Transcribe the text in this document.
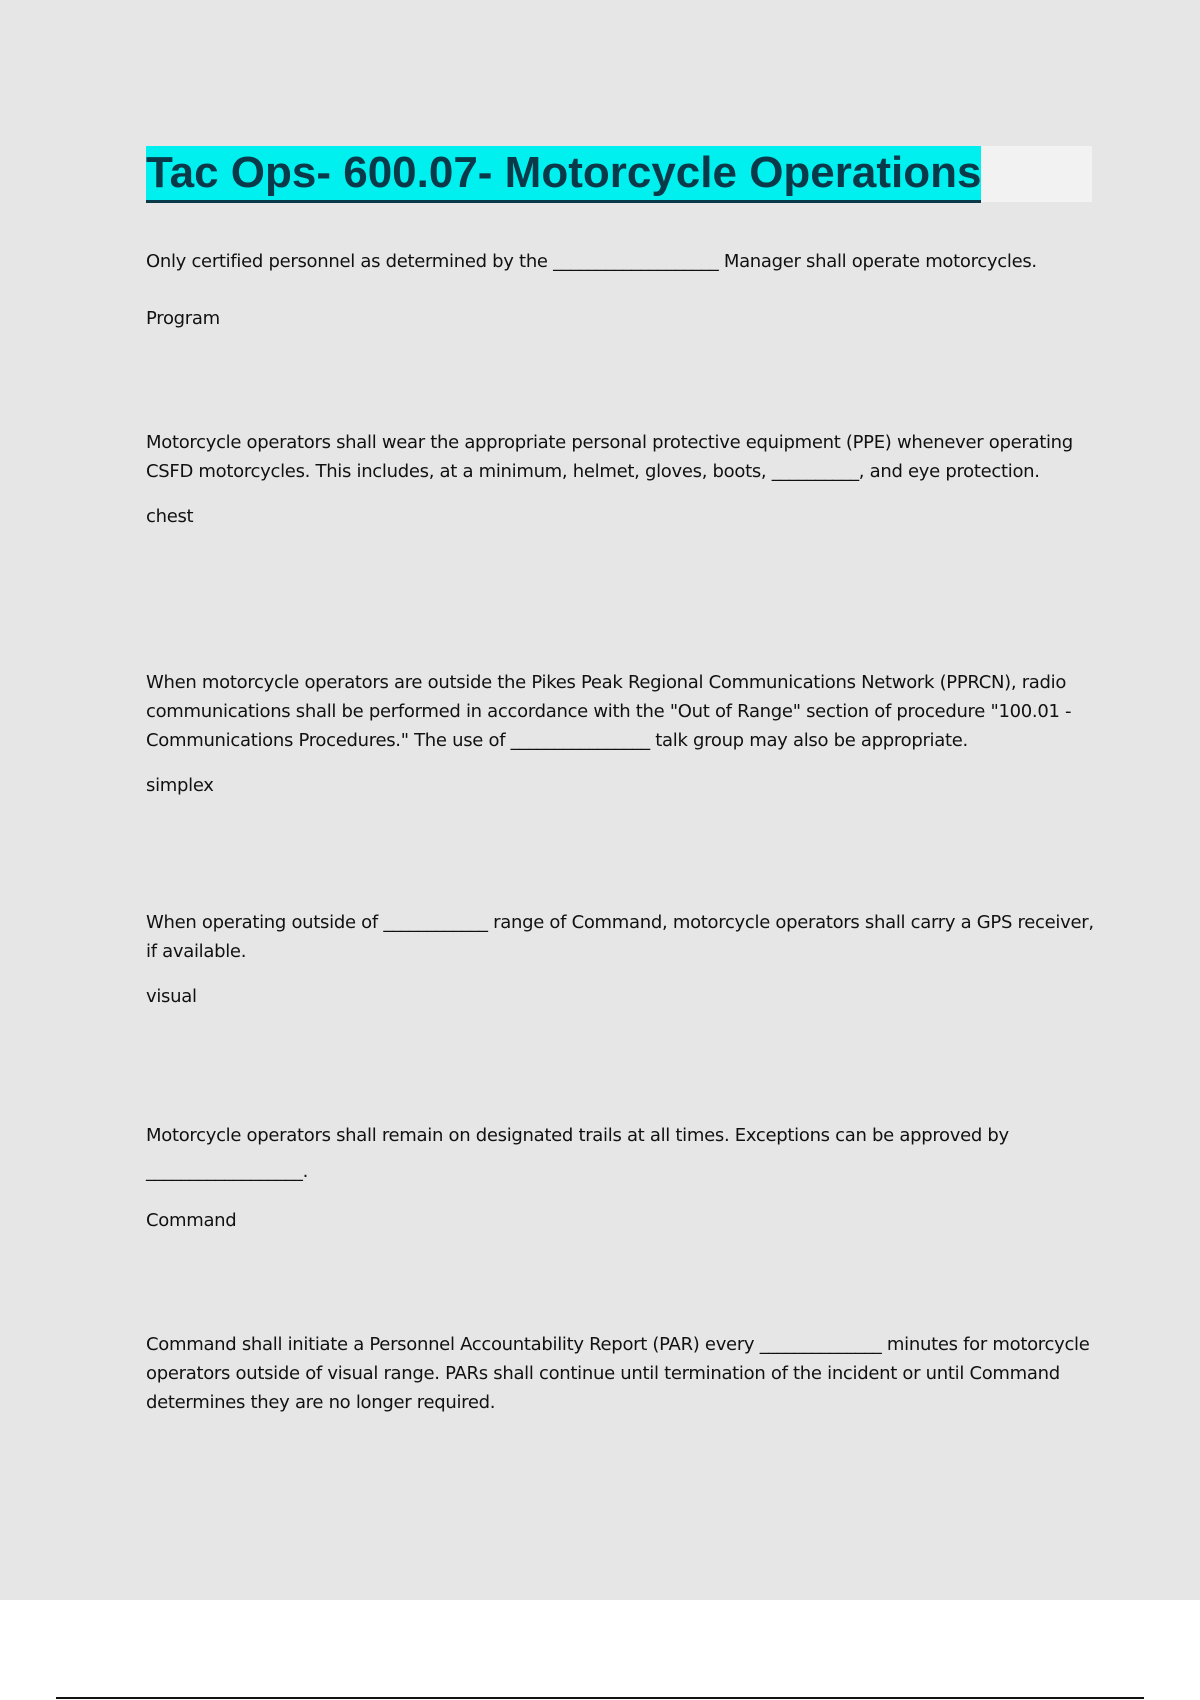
Tac Ops- 600.07- Motorcycle Operations

Only certified personnel as determined by the ___________________ Manager shall operate motorcycles.

Program

Motorcycle operators shall wear the appropriate personal protective equipment (PPE) whenever operating CSFD motorcycles. This includes, at a minimum, helmet, gloves, boots, __________, and eye protection.

chest

When motorcycle operators are outside the Pikes Peak Regional Communications Network (PPRCN), radio communications shall be performed in accordance with the "Out of Range" section of procedure "100.01 - Communications Procedures." The use of ________________ talk group may also be appropriate.

simplex

When operating outside of ____________ range of Command, motorcycle operators shall carry a GPS receiver, if available.

visual

Motorcycle operators shall remain on designated trails at all times. Exceptions can be approved by __________________.

Command

Command shall initiate a Personnel Accountability Report (PAR) every ______________ minutes for motorcycle operators outside of visual range. PARs shall continue until termination of the incident or until Command determines they are no longer required.
